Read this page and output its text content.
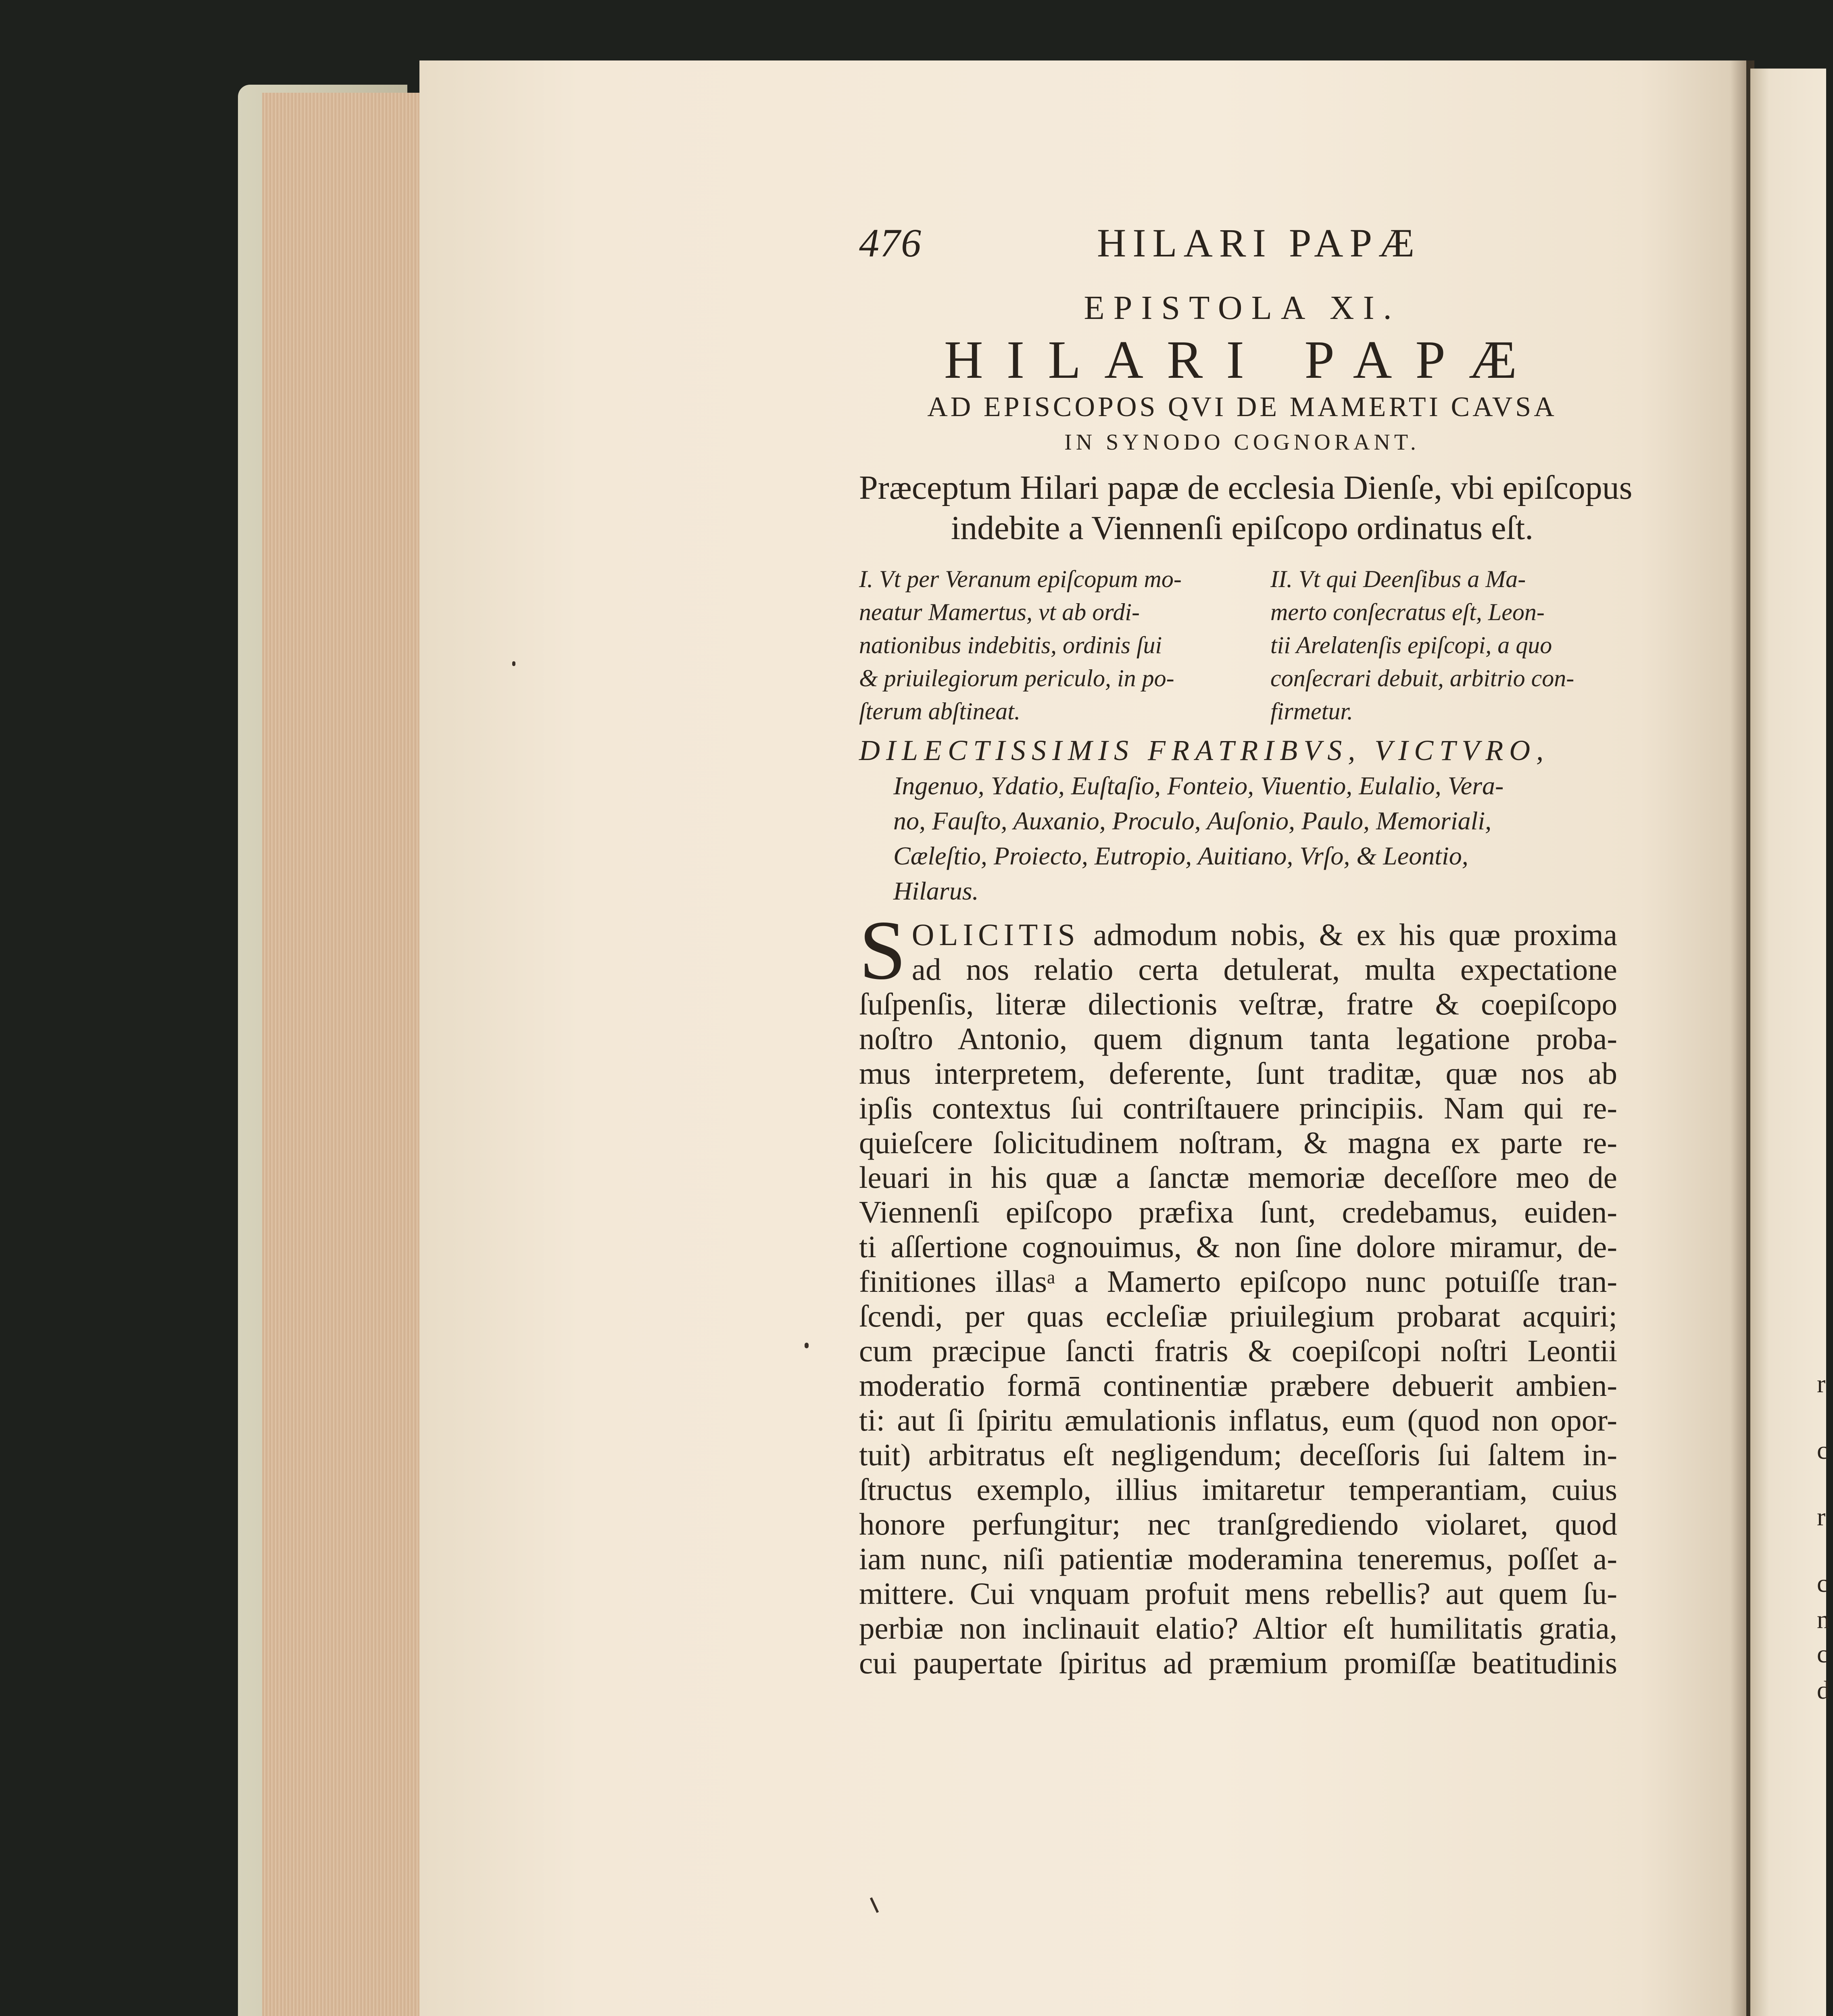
r
c
r
c
n
c
d
476	HILARI PAPÆ
EPISTOLA XI.
HILARI PAPÆ
AD EPISCOPOS QVI DE MAMERTI CAVSA
IN SYNODO COGNORANT.
Præceptum Hilari papæ de ecclesia Dienſe, vbi epiſcopus
indebite a Viennenſi epiſcopo ordinatus eſt.
I. Vt per Veranum epiſcopum mo-
neatur Mamertus, vt ab ordi-
nationibus indebitis, ordinis ſui
& priuilegiorum periculo, in po-
ſterum abſtineat.
II. Vt qui Deenſibus a Ma-
merto conſecratus eſt, Leon-
tii Arelatenſis epiſcopi, a quo
conſecrari debuit, arbitrio con-
firmetur.
DILECTISSIMIS FRATRIBVS, VICTVRO,
Ingenuo, Ydatio, Euſtaſio, Fonteio, Viuentio, Eulalio, Vera-
no, Fauſto, Auxanio, Proculo, Auſonio, Paulo, Memoriali,
Cæleſtio, Proiecto, Eutropio, Auitiano, Vrſo, & Leontio,
Hilarus.
S OLICITIS admodum nobis, & ex his quæ proxima
ad nos relatio certa detulerat, multa expectatione
ſuſpenſis, literæ dilectionis veſtræ, fratre & coepiſcopo
noſtro Antonio, quem dignum tanta legatione proba-
mus interpretem, deferente, ſunt traditæ, quæ nos ab
ipſis contextus ſui contriſtauere principiis. Nam qui re-
quieſcere ſolicitudinem noſtram, & magna ex parte re-
leuari in his quæ a ſanctæ memoriæ deceſſore meo de
Viennenſi epiſcopo præfixa ſunt, credebamus, euiden-
ti aſſertione cognouimus, & non ſine dolore miramur, de-
finitiones illasᵃ a Mamerto epiſcopo nunc potuiſſe tran-
ſcendi, per quas eccleſiæ priuilegium probarat acquiri;
cum præcipue ſancti fratris & coepiſcopi noſtri Leontii
moderatio formā continentiæ præbere debuerit ambien-
ti: aut ſi ſpiritu æmulationis inflatus, eum (quod non opor-
tuit) arbitratus eſt negligendum; deceſſoris ſui ſaltem in-
ſtructus exemplo, illius imitaretur temperantiam, cuius
honore perfungitur; nec tranſgrediendo violaret, quod
iam nunc, niſi patientiæ moderamina teneremus, poſſet a-
mittere. Cui vnquam profuit mens rebellis? aut quem ſu-
perbiæ non inclinauit elatio? Altior eſt humilitatis gratia,
cui paupertate ſpiritus ad præmium promiſſæ beatitudinis
